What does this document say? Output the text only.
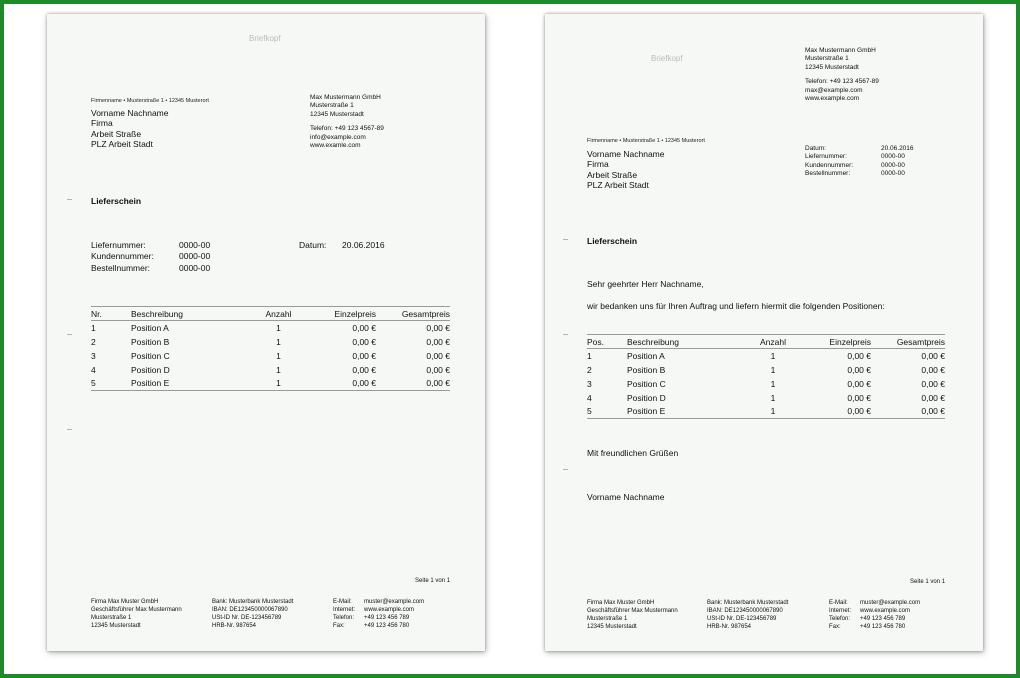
Briefkopf
Firmenname • Musterstraße 1 • 12345 Musterort
Vorname Nachname
Firma
Arbeit Straße
PLZ Arbeit Stadt
Max Mustermann GmbH
Musterstraße 1
12345 Musterstadt
Telefon: +49 123 4567-89
info@example.com
www.examle.com
Lieferschein
Liefernummer:	0000-00
Kundennummer:	0000-00
Bestellnummer:	0000-00
Datum:	20.06.2016
Nr.	Beschreibung	Anzahl	Einzelpreis	Gesamtpreis
1	Position A	1	0,00 €	0,00 €
2	Position B	1	0,00 €	0,00 €
3	Position C	1	0,00 €	0,00 €
4	Position D	1	0,00 €	0,00 €
5	Position E	1	0,00 €	0,00 €
Seite 1 von 1
Firma Max Muster GmbH
Geschäftsführer Max Mustermann
Musterstraße 1
12345 Musterstadt
Bank: Musterbank Musterstadt
IBAN: DE123450000067890
USt-ID Nr. DE-123456789
HRB-Nr. 987654
E-Mail:	muster@example.com
Internet:	www.example.com
Telefon:	+49 123 456 789
Fax:	+49 123 456 780
Briefkopf
Max Mustermann GmbH
Musterstraße 1
12345 Musterstadt
Telefon: +49 123 4567-89
max@example.com
www.example.com
Firmenname • Musterstraße 1 • 12345 Musterort
Vorname Nachname
Firma
Arbeit Straße
PLZ Arbeit Stadt
Datum:	20.06.2016
Liefernummer:	0000-00
Kundennummer:	0000-00
Bestellnummer:	0000-00
Lieferschein
Sehr geehrter Herr Nachname,
wir bedanken uns für Ihren Auftrag und liefern hiermit die folgenden Positionen:
Pos.	Beschreibung	Anzahl	Einzelpreis	Gesamtpreis
1	Position A	1	0,00 €	0,00 €
2	Position B	1	0,00 €	0,00 €
3	Position C	1	0,00 €	0,00 €
4	Position D	1	0,00 €	0,00 €
5	Position E	1	0,00 €	0,00 €
Mit freundlichen Grüßen
Vorname Nachname
Seite 1 von 1
Firma Max Muster GmbH
Geschäftsführer Max Mustermann
Musterstraße 1
12345 Musterstadt
Bank: Musterbank Musterstadt
IBAN: DE123450000067890
USt-ID Nr. DE-123456789
HRB-Nr. 987654
E-Mail:	muster@example.com
Internet:	www.example.com
Telefon:	+49 123 456 789
Fax:	+49 123 456 780
